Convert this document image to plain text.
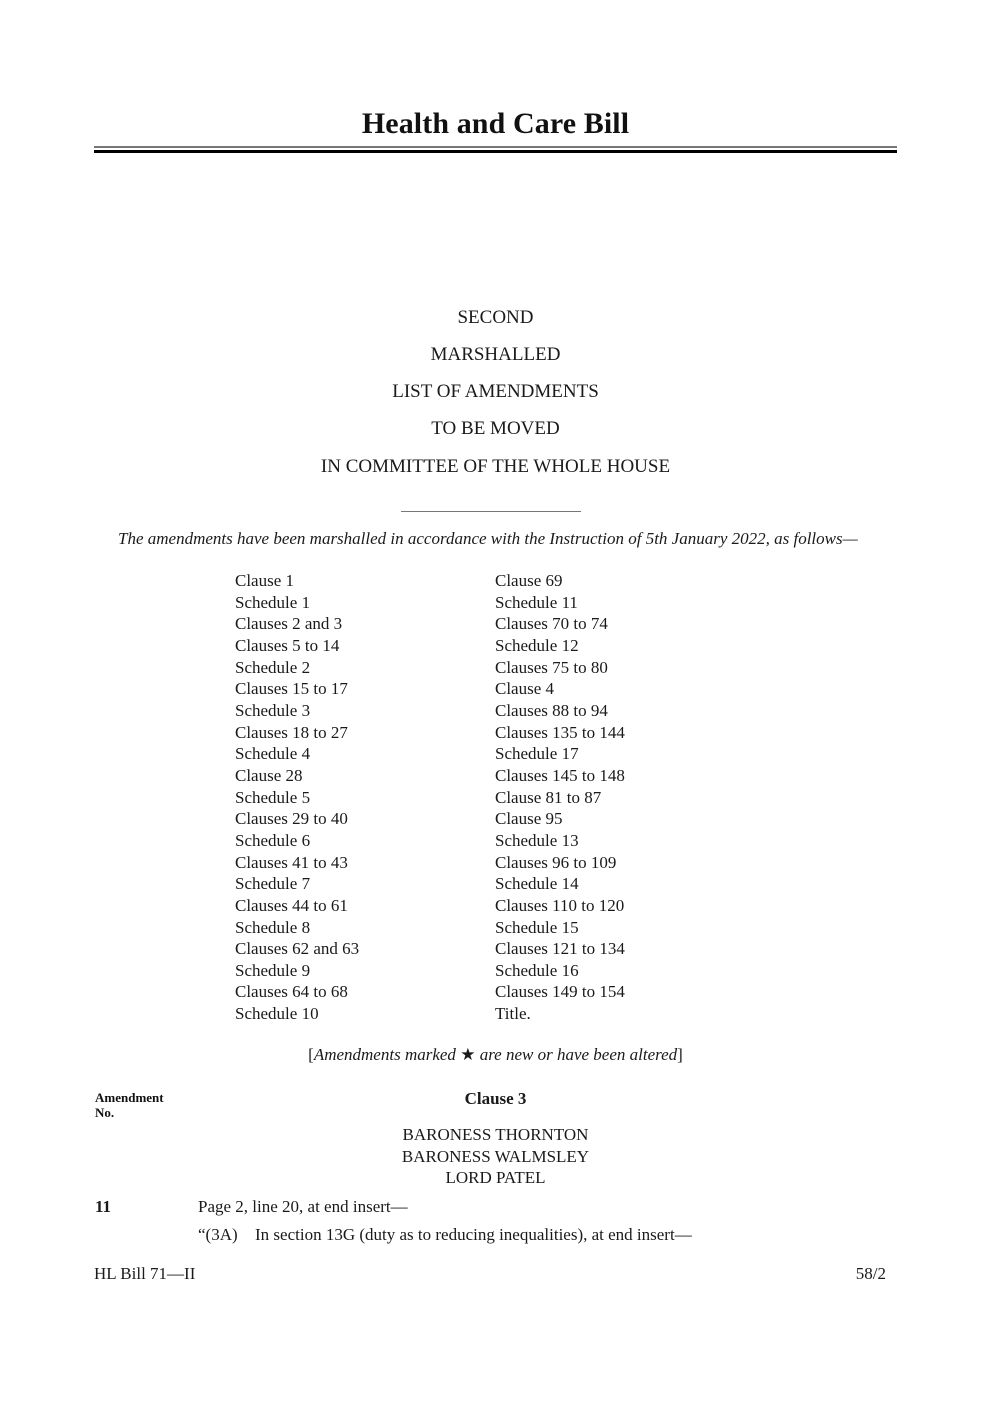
Health and Care Bill
SECOND
MARSHALLED
LIST OF AMENDMENTS
TO BE MOVED
IN COMMITTEE OF THE WHOLE HOUSE
The amendments have been marshalled in accordance with the Instruction of 5th January 2022, as follows—
Clause 1
Schedule 1
Clauses 2 and 3
Clauses 5 to 14
Schedule 2
Clauses 15 to 17
Schedule 3
Clauses 18 to 27
Schedule 4
Clause 28
Schedule 5
Clauses 29 to 40
Schedule 6
Clauses 41 to 43
Schedule 7
Clauses 44 to 61
Schedule 8
Clauses 62 and 63
Schedule 9
Clauses 64 to 68
Schedule 10
Clause 69
Schedule 11
Clauses 70 to 74
Schedule 12
Clauses 75 to 80
Clause 4
Clauses 88 to 94
Clauses 135 to 144
Schedule 17
Clauses 145 to 148
Clause 81 to 87
Clause 95
Schedule 13
Clauses 96 to 109
Schedule 14
Clauses 110 to 120
Schedule 15
Clauses 121 to 134
Schedule 16
Clauses 149 to 154
Title.
[Amendments marked ★ are new or have been altered]
Amendment
No.
Clause 3
BARONESS THORNTON
BARONESS WALMSLEY
LORD PATEL
11	Page 2, line 20, at end insert—
“(3A) In section 13G (duty as to reducing inequalities), at end insert—
HL Bill 71—II	58/2
